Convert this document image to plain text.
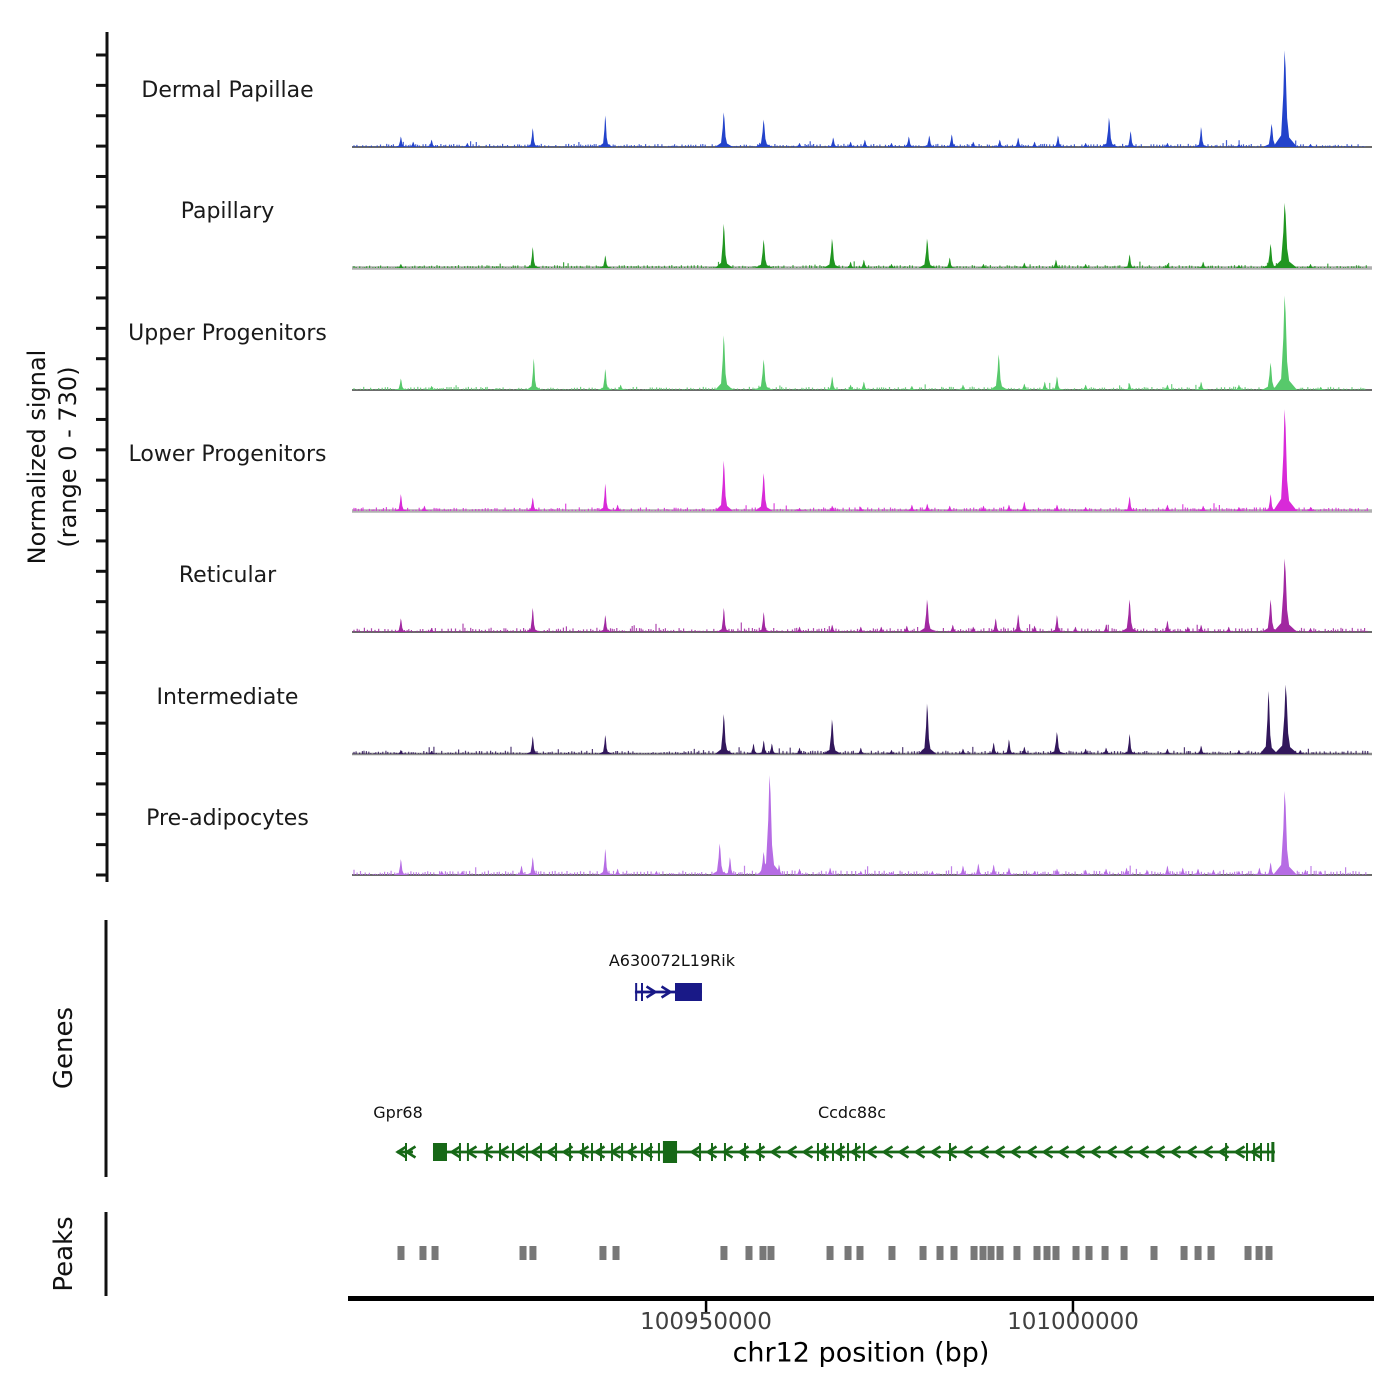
Normalized signal (range 0 - 730)
Dermal Papillae
Papillary
Upper Progenitors
Lower Progenitors
Reticular
Intermediate
Pre-adipocytes
Genes
Peaks
A630072L19Rik
Gpr68	Ccdc88c
100950000	101000000
chr12 position (bp)
